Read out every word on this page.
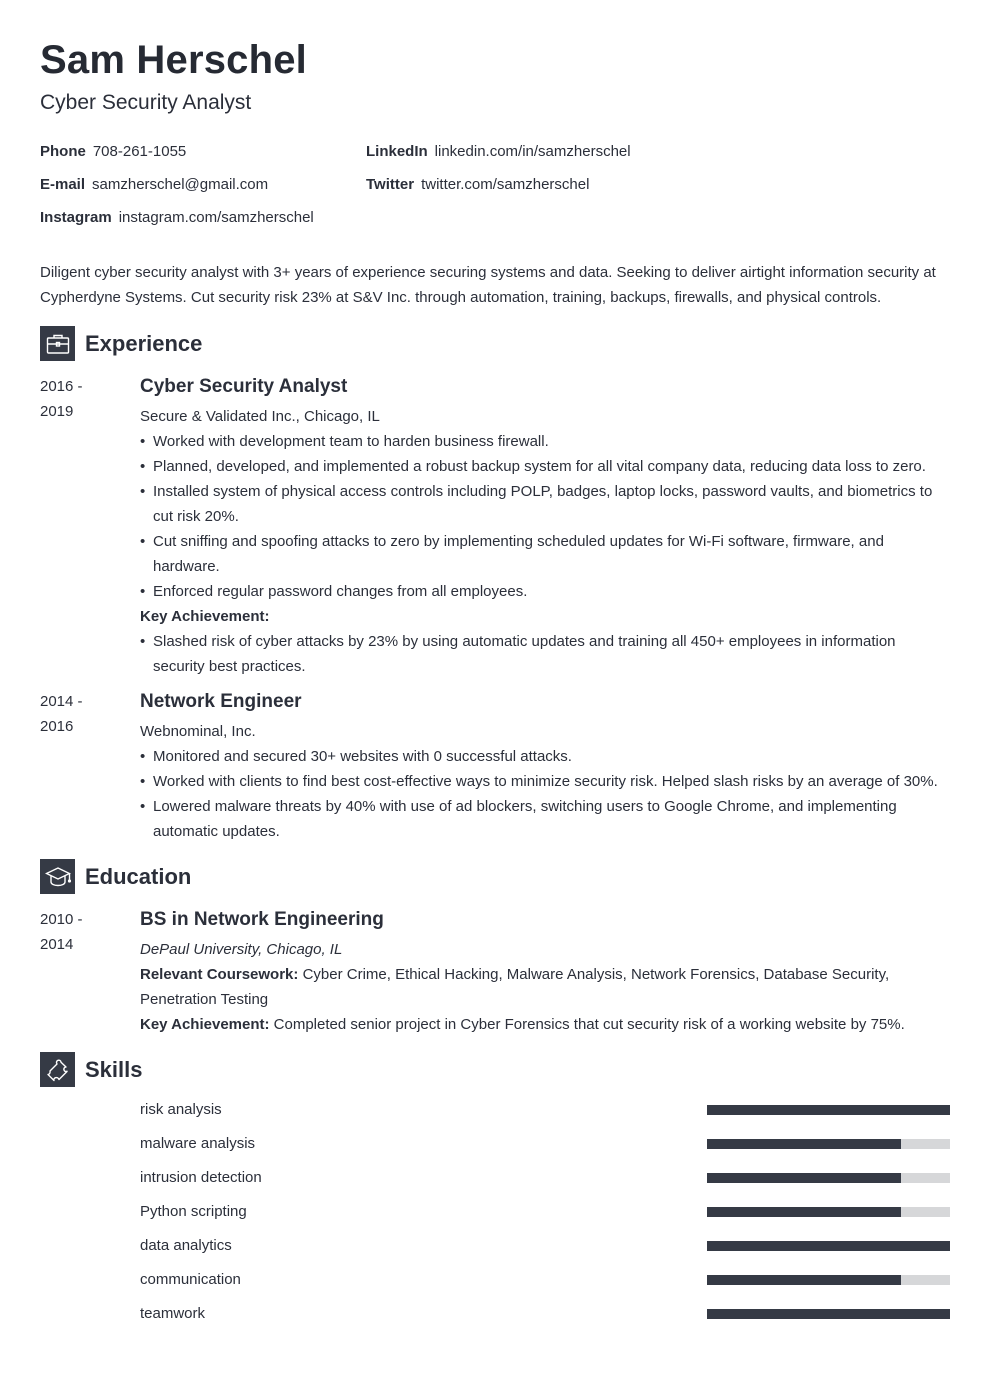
Sam Herschel
Cyber Security Analyst
Phone 708-261-1055
E-mail samzherschel@gmail.com
Instagram instagram.com/samzherschel
LinkedIn linkedin.com/in/samzherschel
Twitter twitter.com/samzherschel
Diligent cyber security analyst with 3+ years of experience securing systems and data. Seeking to deliver airtight information security at Cypherdyne Systems. Cut security risk 23% at S&V Inc. through automation, training, backups, firewalls, and physical controls.
Experience
2016 -
2019
Cyber Security Analyst
Secure & Validated Inc., Chicago, IL
• Worked with development team to harden business firewall.
• Planned, developed, and implemented a robust backup system for all vital company data, reducing data loss to zero.
• Installed system of physical access controls including POLP, badges, laptop locks, password vaults, and biometrics to cut risk 20%.
• Cut sniffing and spoofing attacks to zero by implementing scheduled updates for Wi-Fi software, firmware, and hardware.
• Enforced regular password changes from all employees.
Key Achievement:
• Slashed risk of cyber attacks by 23% by using automatic updates and training all 450+ employees in information security best practices.
2014 -
2016
Network Engineer
Webnominal, Inc.
• Monitored and secured 30+ websites with 0 successful attacks.
• Worked with clients to find best cost-effective ways to minimize security risk. Helped slash risks by an average of 30%.
• Lowered malware threats by 40% with use of ad blockers, switching users to Google Chrome, and implementing automatic updates.
Education
2010 -
2014
BS in Network Engineering
DePaul University, Chicago, IL
Relevant Coursework: Cyber Crime, Ethical Hacking, Malware Analysis, Network Forensics, Database Security, Penetration Testing
Key Achievement: Completed senior project in Cyber Forensics that cut security risk of a working website by 75%.
Skills
risk analysis
malware analysis
intrusion detection
Python scripting
data analytics
communication
teamwork
